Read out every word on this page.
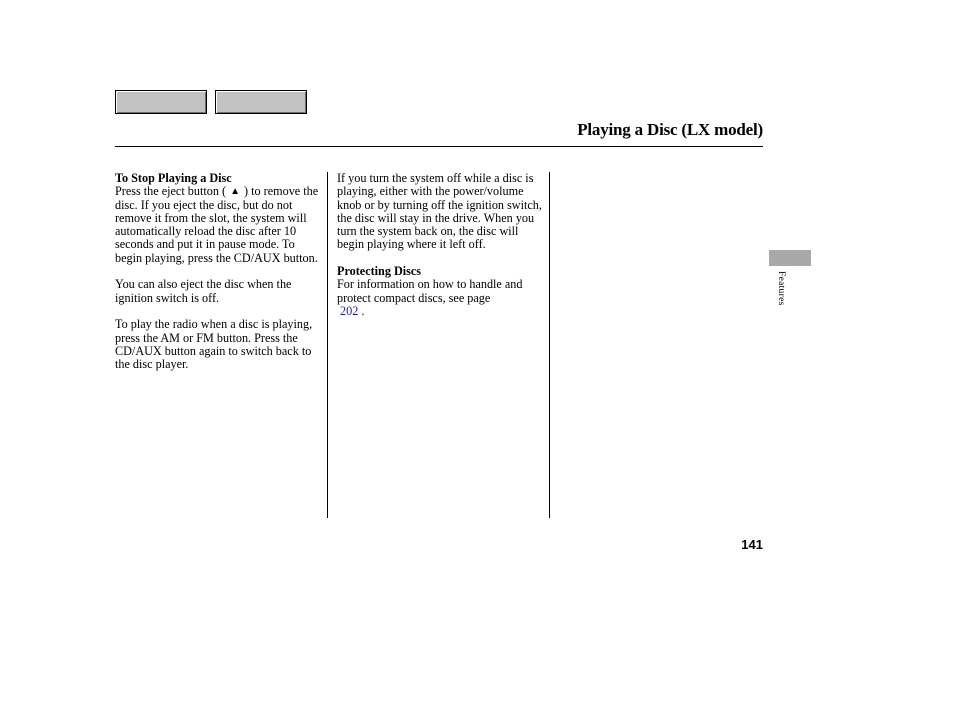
Playing a Disc (LX model)

To Stop Playing a Disc
Press the eject button ( ▲ ) to remove the disc. If you eject the disc, but do not remove it from the slot, the system will automatically reload the disc after 10 seconds and put it in pause mode. To begin playing, press the CD/AUX button.

You can also eject the disc when the ignition switch is off.

To play the radio when a disc is playing, press the AM or FM button. Press the CD/AUX button again to switch back to the disc player.

If you turn the system off while a disc is playing, either with the power/volume knob or by turning off the ignition switch, the disc will stay in the drive. When you turn the system back on, the disc will begin playing where it left off.

Protecting Discs
For information on how to handle and protect compact discs, see page
202 .

Features
141
